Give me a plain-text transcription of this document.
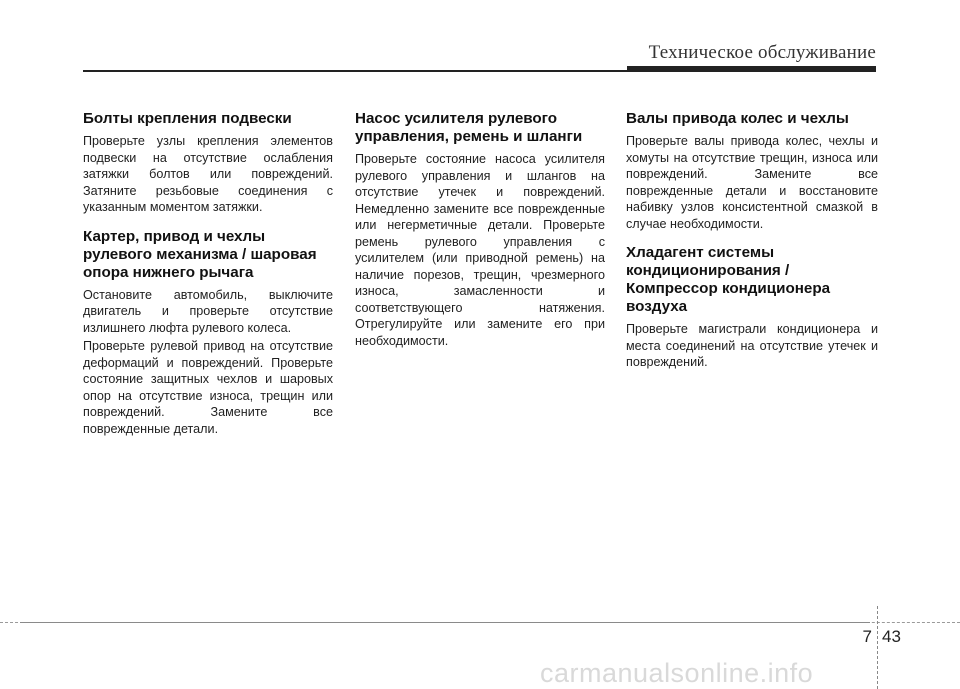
Техническое обслуживание
Болты крепления подвески

Проверьте узлы крепления элементов подвески на отсутствие ослабления затяжки болтов или повреждений. Затяните резьбовые соединения с указанным моментом затяжки.

Картер, привод и чехлы рулевого механизма / шаровая опора нижнего рычага

Остановите автомобиль, выключите двигатель и проверьте отсутствие излишнего люфта рулевого колеса.

Проверьте рулевой привод на отсутствие деформаций и повреждений. Проверьте состояние защитных чехлов и шаровых опор на отсутствие износа, трещин или повреждений. Замените все поврежденные детали.

Насос усилителя рулевого управления, ремень и шланги

Проверьте состояние насоса усилителя рулевого управления и шлангов на отсутствие утечек и повреждений. Немедленно замените все поврежденные или негерметичные детали. Проверьте ремень рулевого управления с усилителем (или приводной ремень) на наличие порезов, трещин, чрезмерного износа, замасленности и соответствующего натяжения. Отрегулируйте или замените его при необходимости.

Валы привода колес и чехлы

Проверьте валы привода колес, чехлы и хомуты на отсутствие трещин, износа или повреждений. Замените все поврежденные детали и восстановите набивку узлов консистентной смазкой в случае необходимости.

Хладагент системы кондиционирования / Компрессор кондиционера воздуха

Проверьте магистрали кондиционера и места соединений на отсутствие утечек и повреждений.

7 43
carmanualsonline.info
